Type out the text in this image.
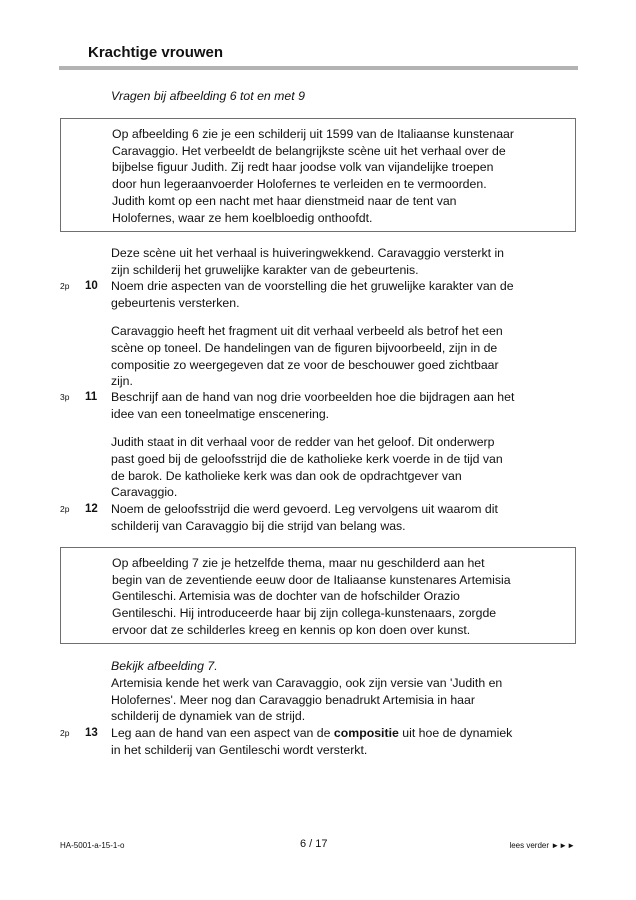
Krachtige vrouwen
Vragen bij afbeelding 6 tot en met 9

Op afbeelding 6 zie je een schilderij uit 1599 van de Italiaanse kunstenaar

Caravaggio. Het verbeeldt de belangrijkste scène uit het verhaal over de

bijbelse figuur Judith. Zij redt haar joodse volk van vijandelijke troepen

door hun legeraanvoerder Holofernes te verleiden en te vermoorden.

Judith komt op een nacht met haar dienstmeid naar de tent van

Holofernes, waar ze hem koelbloedig onthoofdt.

Deze scène uit het verhaal is huiveringwekkend. Caravaggio versterkt in
zijn schilderij het gruwelijke karakter van de gebeurtenis.
2p 10 Noem drie aspecten van de voorstelling die het gruwelijke karakter van de
gebeurtenis versterken.
Caravaggio heeft het fragment uit dit verhaal verbeeld als betrof het een
scène op toneel. De handelingen van de figuren bijvoorbeeld, zijn in de
compositie zo weergegeven dat ze voor de beschouwer goed zichtbaar
zijn.
3p 11 Beschrijf aan de hand van nog drie voorbeelden hoe die bijdragen aan het
idee van een toneelmatige enscenering.
Judith staat in dit verhaal voor de redder van het geloof. Dit onderwerp
past goed bij de geloofsstrijd die de katholieke kerk voerde in de tijd van
de barok. De katholieke kerk was dan ook de opdrachtgever van
Caravaggio.
2p 12 Noem de geloofsstrijd die werd gevoerd. Leg vervolgens uit waarom dit
schilderij van Caravaggio bij die strijd van belang was.

Op afbeelding 7 zie je hetzelfde thema, maar nu geschilderd aan het

begin van de zeventiende eeuw door de Italiaanse kunstenares Artemisia

Gentileschi. Artemisia was de dochter van de hofschilder Orazio

Gentileschi. Hij introduceerde haar bij zijn collega-kunstenaars, zorgde

ervoor dat ze schilderles kreeg en kennis op kon doen over kunst.

Bekijk afbeelding 7.
Artemisia kende het werk van Caravaggio, ook zijn versie van 'Judith en
Holofernes'. Meer nog dan Caravaggio benadrukt Artemisia in haar
schilderij de dynamiek van de strijd.
2p 13 Leg aan de hand van een aspect van de compositie uit hoe de dynamiek
in het schilderij van Gentileschi wordt versterkt.
HA-5001-a-15-1-o	6 / 17	lees verder ►►►
